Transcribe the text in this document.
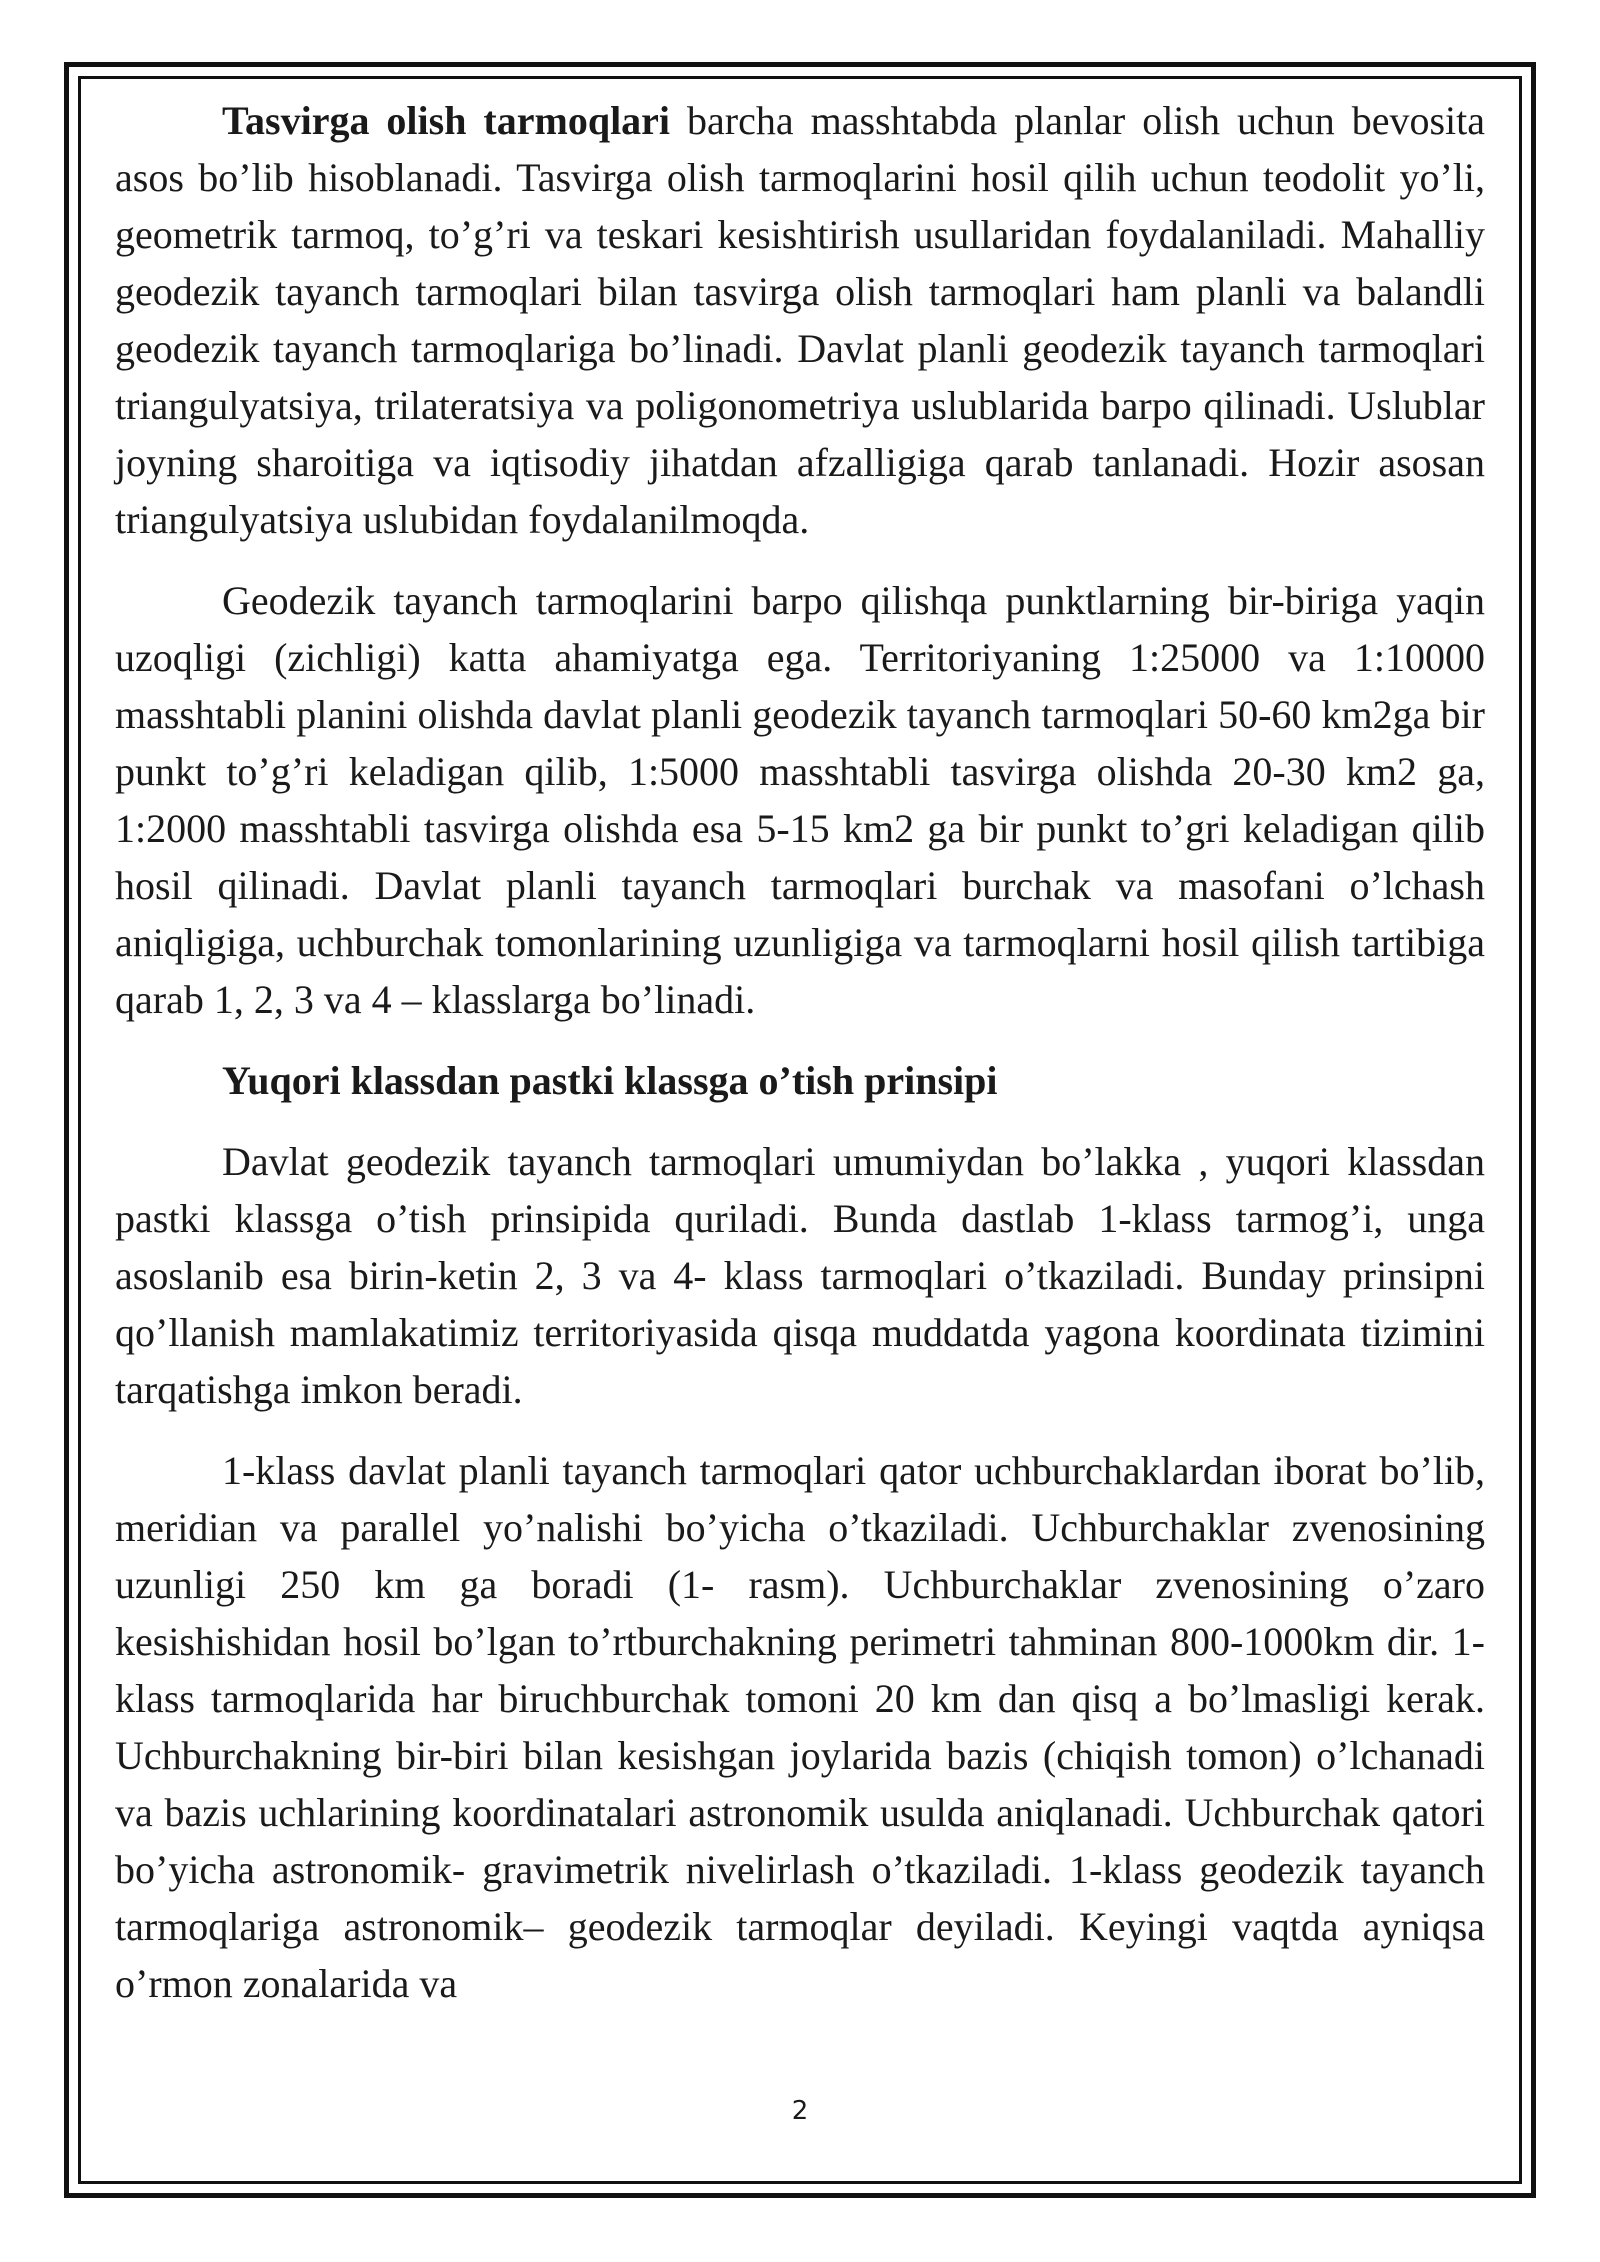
Tasvirga olish tarmoqlari barcha masshtabda planlar olish uchun bevosita asos bo’lib hisoblanadi. Tasvirga olish tarmoqlarini hosil qilih uchun teodolit yo’li, geometrik tarmoq, to’g’ri va teskari kesishtirish usullaridan foydalaniladi. Mahalliy geodezik tayanch tarmoqlari bilan tasvirga olish tarmoqlari ham planli va balandli geodezik tayanch tarmoqlariga bo’linadi. Davlat planli geodezik tayanch tarmoqlari triangulyatsiya, trilateratsiya va poligonometriya uslublarida barpo qilinadi. Uslublar joyning sharoitiga va iqtisodiy jihatdan afzalligiga qarab tanlanadi. Hozir asosan triangulyatsiya uslubidan foydalanilmoqda.

Geodezik tayanch tarmoqlarini barpo qilishqa punktlarning bir-biriga yaqin uzoqligi (zichligi) katta ahamiyatga ega. Territoriyaning 1:25000 va 1:10000 masshtabli planini olishda davlat planli geodezik tayanch tarmoqlari 50-60 km2ga bir punkt to’g’ri keladigan qilib, 1:5000 masshtabli tasvirga olishda 20-30 km2 ga, 1:2000 masshtabli tasvirga olishda esa 5-15 km2 ga bir punkt to’gri keladigan qilib hosil qilinadi. Davlat planli tayanch tarmoqlari burchak va masofani o’lchash aniqligiga, uchburchak tomonlarining uzunligiga va tarmoqlarni hosil qilish tartibiga qarab 1, 2, 3 va 4 – klasslarga bo’linadi.

Yuqori klassdan pastki klassga o’tish prinsipi

Davlat geodezik tayanch tarmoqlari umumiydan bo’lakka , yuqori klassdan pastki klassga o’tish prinsipida quriladi. Bunda dastlab 1-klass tarmog’i, unga asoslanib esa birin-ketin 2, 3 va 4- klass tarmoqlari o’tkaziladi. Bunday prinsipni qo’llanish mamlakatimiz territoriyasida qisqa muddatda yagona koordinata tizimini tarqatishga imkon beradi.

1-klass davlat planli tayanch tarmoqlari qator uchburchaklardan iborat bo’lib, meridian va parallel yo’nalishi bo’yicha o’tkaziladi. Uchburchaklar zvenosining uzunligi 250 km ga boradi (1- rasm). Uchburchaklar zvenosining o’zaro kesishishidan hosil bo’lgan to’rtburchakning perimetri tahminan 800-1000km dir. 1-klass tarmoqlarida har biruchburchak tomoni 20 km dan qisq a bo’lmasligi kerak. Uchburchakning bir-biri bilan kesishgan joylarida bazis (chiqish tomon) o’lchanadi va bazis uchlarining koordinatalari astronomik usulda aniqlanadi. Uchburchak qatori bo’yicha astronomik- gravimetrik nivelirlash o’tkaziladi. 1-klass geodezik tayanch tarmoqlariga astronomik– geodezik tarmoqlar deyiladi. Keyingi vaqtda ayniqsa o’rmon zonalarida va

2
